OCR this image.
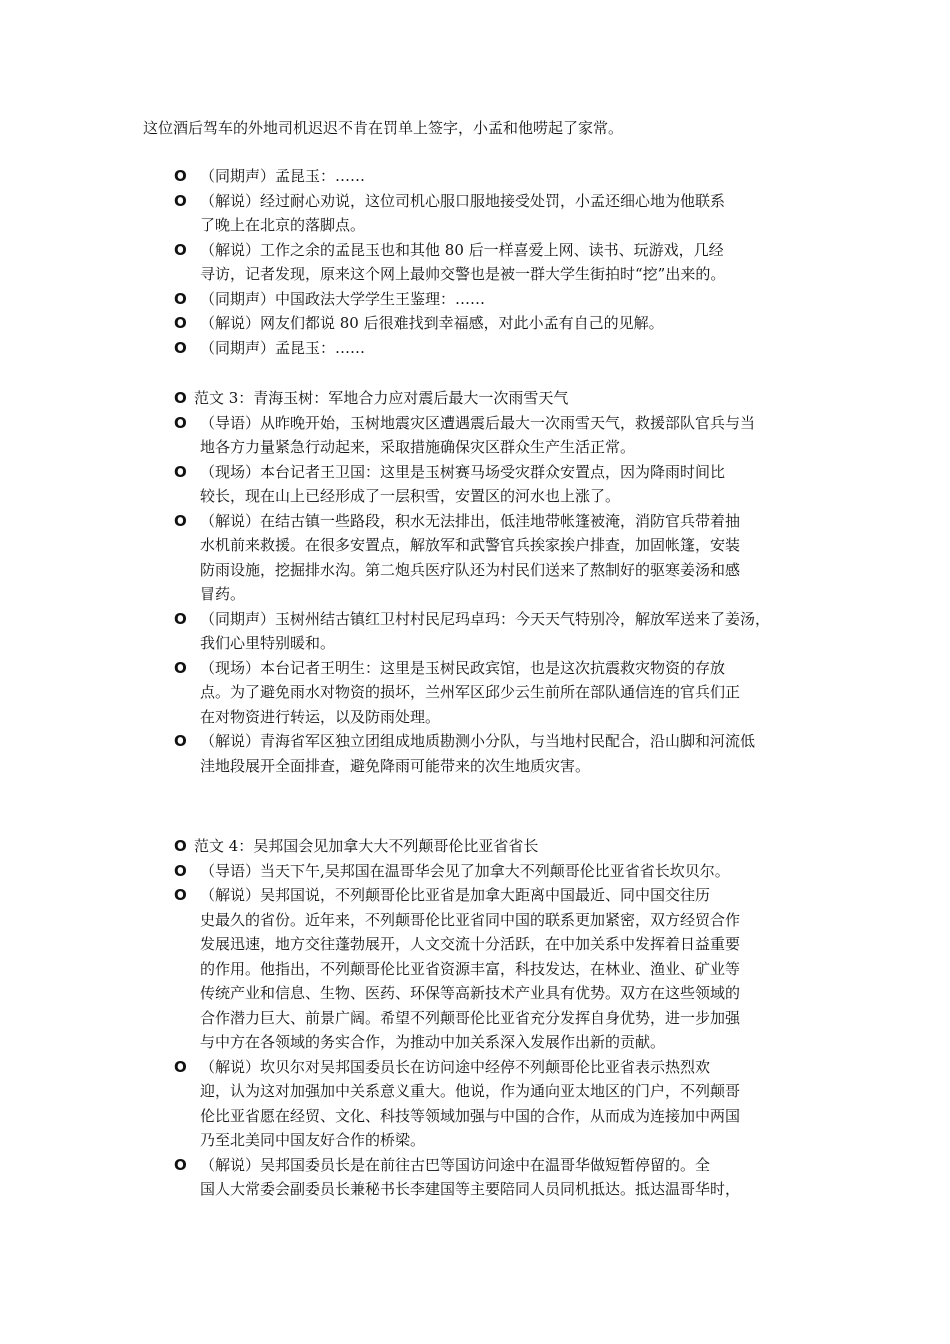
这位酒后驾车的外地司机迟迟不肯在罚单上签字，小孟和他唠起了家常。
O （同期声）孟昆玉：……
O （解说）经过耐心劝说，这位司机心服口服地接受处罚，小孟还细心地为他联系
了晚上在北京的落脚点。
O （解说）工作之余的孟昆玉也和其他 80 后一样喜爱上网、读书、玩游戏，几经
寻访，记者发现，原来这个网上最帅交警也是被一群大学生街拍时“挖”出来的。
O （同期声）中国政法大学学生王鉴理：……
O （解说）网友们都说 80 后很难找到幸福感，对此小孟有自己的见解。
O （同期声）孟昆玉：……
O 范文 3：青海玉树：军地合力应对震后最大一次雨雪天气
O （导语）从昨晚开始，玉树地震灾区遭遇震后最大一次雨雪天气，救援部队官兵与当
地各方力量紧急行动起来，采取措施确保灾区群众生产生活正常。
O （现场）本台记者王卫国：这里是玉树赛马场受灾群众安置点，因为降雨时间比
较长，现在山上已经形成了一层积雪，安置区的河水也上涨了。
O （解说）在结古镇一些路段，积水无法排出，低洼地带帐篷被淹，消防官兵带着抽
水机前来救援。在很多安置点，解放军和武警官兵挨家挨户排查，加固帐篷，安装
防雨设施，挖掘排水沟。第二炮兵医疗队还为村民们送来了熬制好的驱寒姜汤和感
冒药。
O （同期声）玉树州结古镇红卫村村民尼玛卓玛：今天天气特别冷，解放军送来了姜汤，
我们心里特别暖和。
O （现场）本台记者王明生：这里是玉树民政宾馆，也是这次抗震救灾物资的存放
点。为了避免雨水对物资的损坏，兰州军区邱少云生前所在部队通信连的官兵们正
在对物资进行转运，以及防雨处理。
O （解说）青海省军区独立团组成地质勘测小分队，与当地村民配合，沿山脚和河流低
洼地段展开全面排查，避免降雨可能带来的次生地质灾害。
O 范文 4：吴邦国会见加拿大大不列颠哥伦比亚省省长
O （导语）当天下午,吴邦国在温哥华会见了加拿大不列颠哥伦比亚省省长坎贝尔。
O （解说）吴邦国说，不列颠哥伦比亚省是加拿大距离中国最近、同中国交往历
史最久的省份。近年来，不列颠哥伦比亚省同中国的联系更加紧密，双方经贸合作
发展迅速，地方交往蓬勃展开，人文交流十分活跃，在中加关系中发挥着日益重要
的作用。他指出，不列颠哥伦比亚省资源丰富，科技发达，在林业、渔业、矿业等
传统产业和信息、生物、医药、环保等高新技术产业具有优势。双方在这些领域的
合作潜力巨大、前景广阔。希望不列颠哥伦比亚省充分发挥自身优势，进一步加强
与中方在各领域的务实合作，为推动中加关系深入发展作出新的贡献。
O （解说）坎贝尔对吴邦国委员长在访问途中经停不列颠哥伦比亚省表示热烈欢
迎，认为这对加强加中关系意义重大。他说，作为通向亚太地区的门户，不列颠哥
伦比亚省愿在经贸、文化、科技等领域加强与中国的合作，从而成为连接加中两国
乃至北美同中国友好合作的桥梁。
O （解说）吴邦国委员长是在前往古巴等国访问途中在温哥华做短暂停留的。全
国人大常委会副委员长兼秘书长李建国等主要陪同人员同机抵达。抵达温哥华时，
